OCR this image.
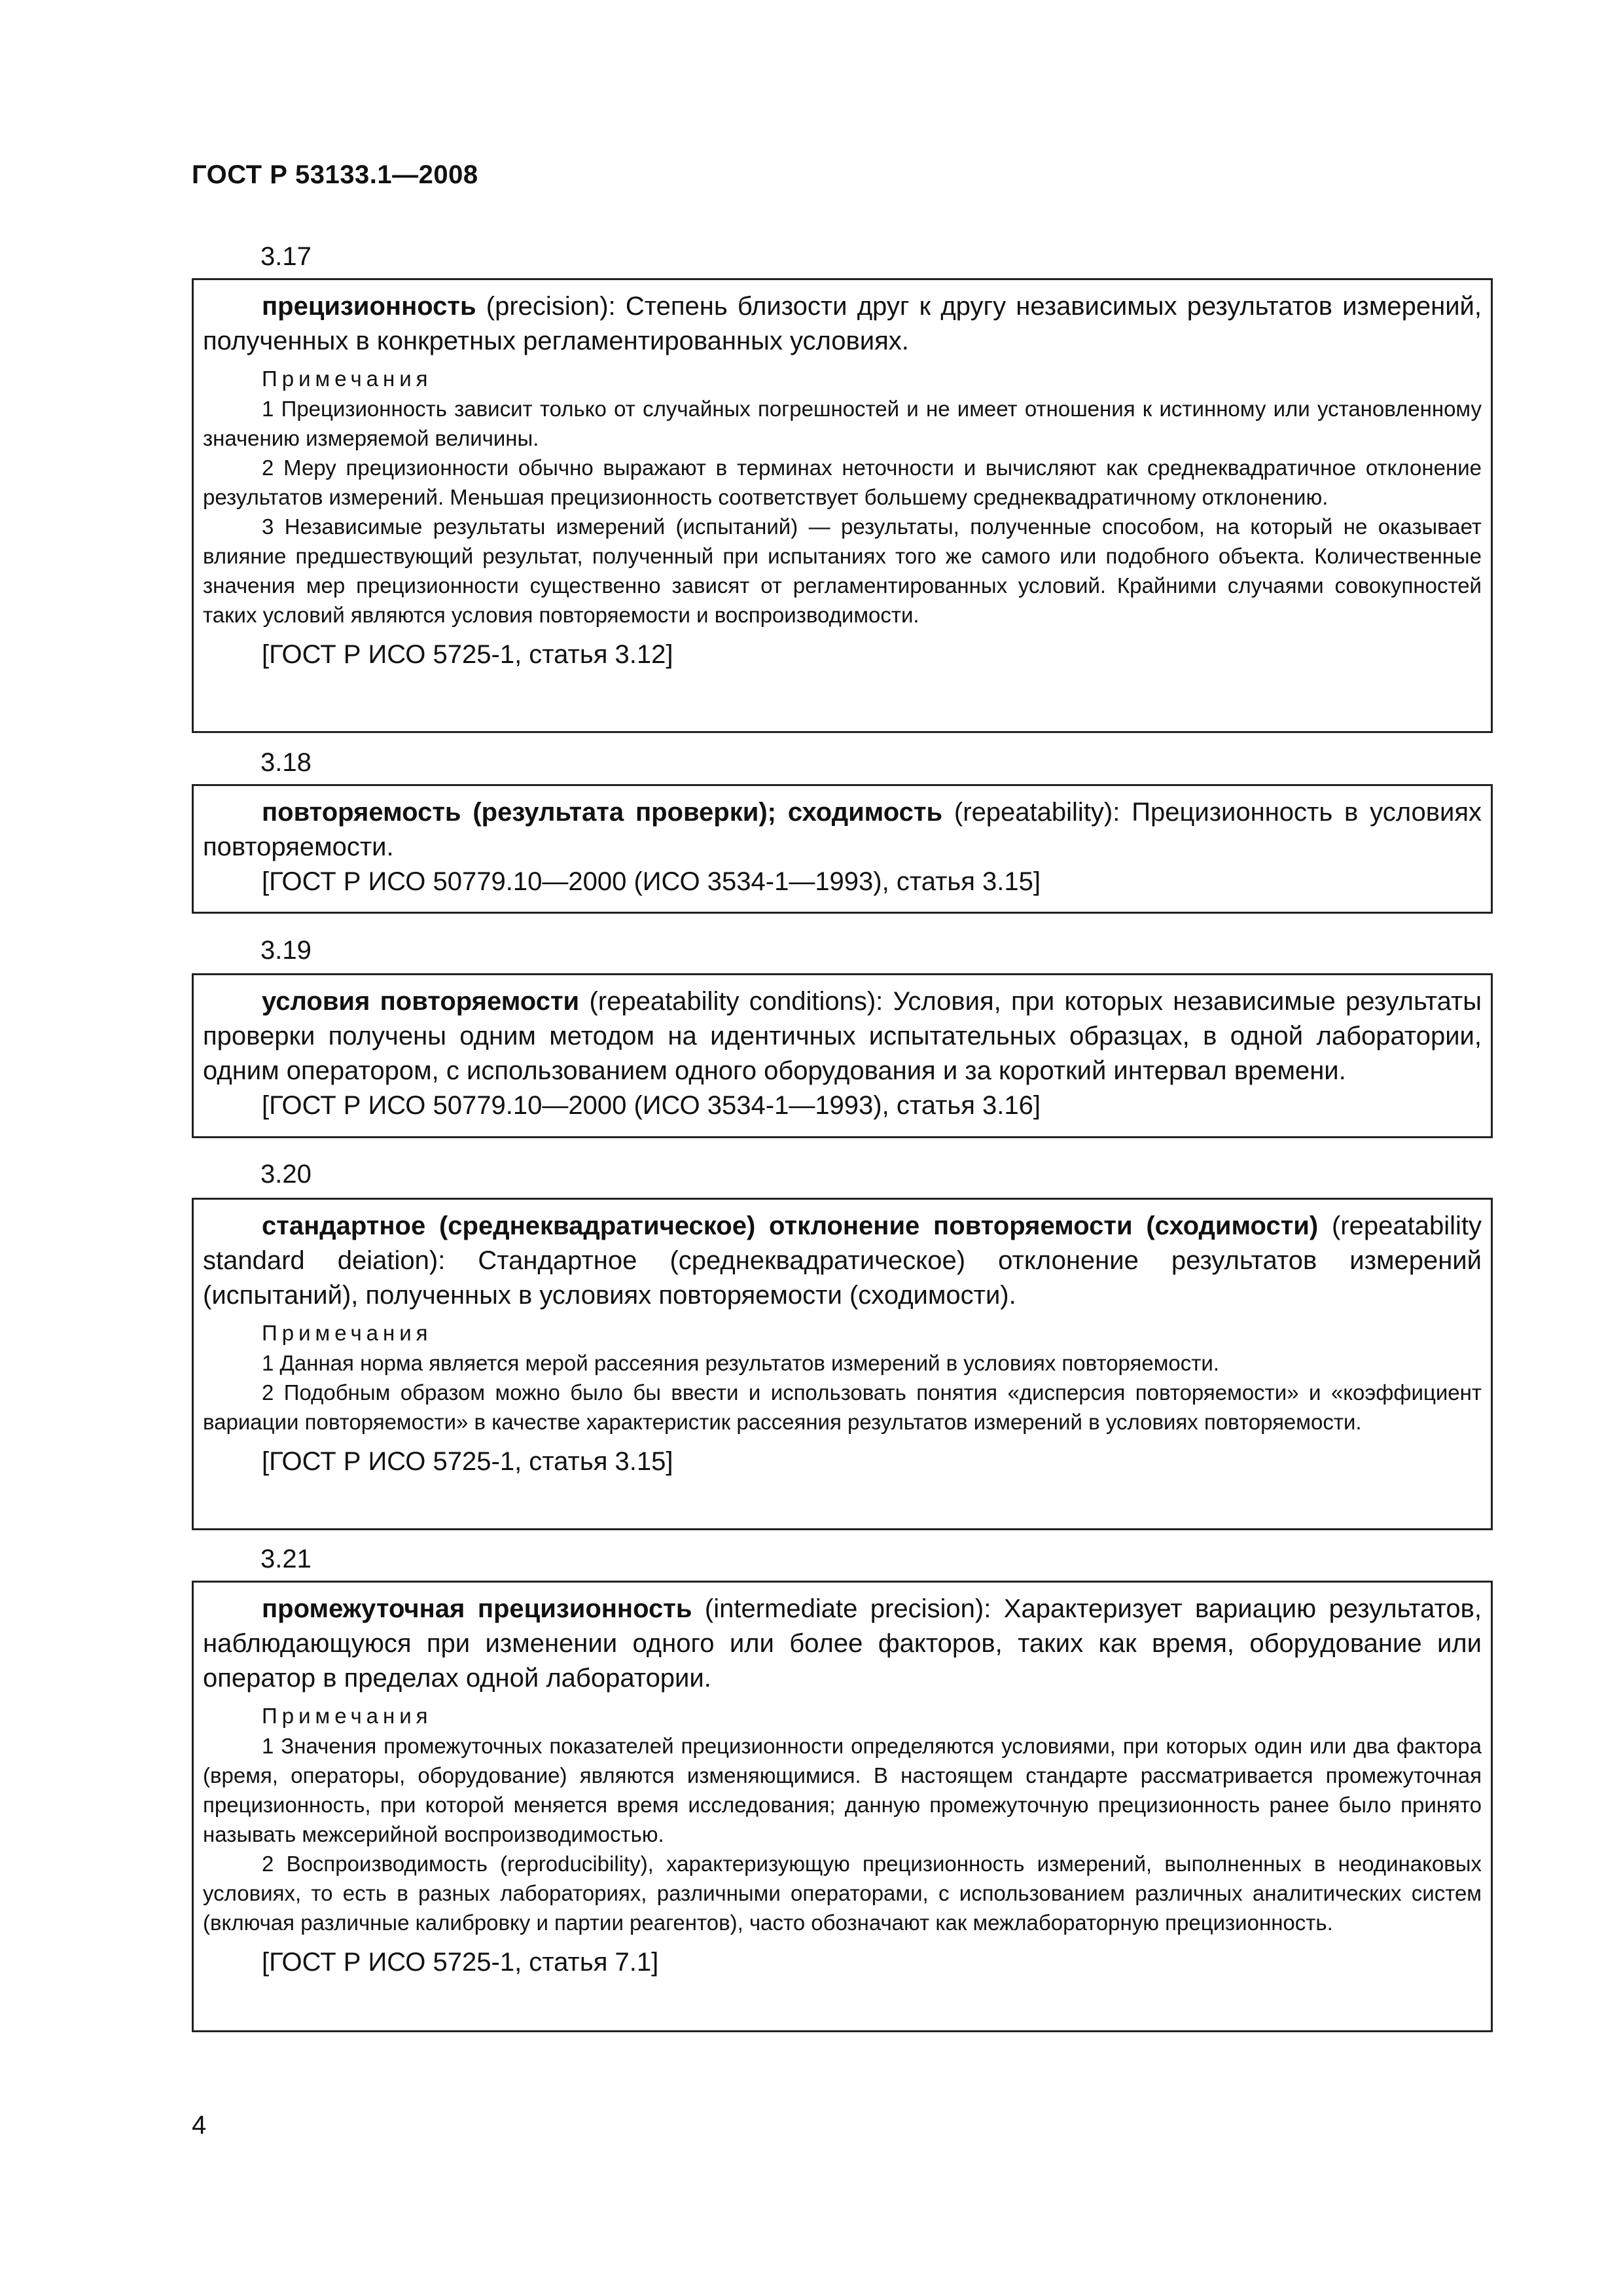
ГОСТ Р 53133.1—2008
3.17

прецизионность (precision): Степень близости друг к другу независимых результатов измерений, полученных в конкретных регламентированных условиях.

Примечания

1 Прецизионность зависит только от случайных погрешностей и не имеет отношения к истинному или установленному значению измеряемой величины.

2 Меру прецизионности обычно выражают в терминах неточности и вычисляют как среднеквадратичное отклонение результатов измерений. Меньшая прецизионность соответствует большему среднеквадратичному отклонению.

3 Независимые результаты измерений (испытаний) — результаты, полученные способом, на который не оказывает влияние предшествующий результат, полученный при испытаниях того же самого или подобного объекта. Количественные значения мер прецизионности существенно зависят от регламентированных условий. Крайними случаями совокупностей таких условий являются условия повторяемости и воспроизводимости.

[ГОСТ Р ИСО 5725-1, статья 3.12]

3.18

повторяемость (результата проверки); сходимость (repeatability): Прецизионность в условиях повторяемости.

[ГОСТ Р ИСО 50779.10—2000 (ИСО 3534-1—1993), статья 3.15]

3.19

условия повторяемости (repeatability conditions): Условия, при которых независимые результаты проверки получены одним методом на идентичных испытательных образцах, в одной лаборатории, одним оператором, с использованием одного оборудования и за короткий интервал времени.

[ГОСТ Р ИСО 50779.10—2000 (ИСО 3534-1—1993), статья 3.16]

3.20

стандартное (среднеквадратическое) отклонение повторяемости (сходимости) (repeatability standard deiation): Стандартное (среднеквадратическое) отклонение результатов измерений (испытаний), полученных в условиях повторяемости (сходимости).

Примечания

1 Данная норма является мерой рассеяния результатов измерений в условиях повторяемости.

2 Подобным образом можно было бы ввести и использовать понятия «дисперсия повторяемости» и «коэффициент вариации повторяемости» в качестве характеристик рассеяния результатов измерений в условиях повторяемости.

[ГОСТ Р ИСО 5725-1, статья 3.15]

3.21

промежуточная прецизионность (intermediate precision): Характеризует вариацию результатов, наблюдающуюся при изменении одного или более факторов, таких как время, оборудование или оператор в пределах одной лаборатории.

Примечания

1 Значения промежуточных показателей прецизионности определяются условиями, при которых один или два фактора (время, операторы, оборудование) являются изменяющимися. В настоящем стандарте рассматривается промежуточная прецизионность, при которой меняется время исследования; данную промежуточную прецизионность ранее было принято называть межсерийной воспроизводимостью.

2 Воспроизводимость (reproducibility), характеризующую прецизионность измерений, выполненных в неодинаковых условиях, то есть в разных лабораториях, различными операторами, с использованием различных аналитических систем (включая различные калибровку и партии реагентов), часто обозначают как межлабораторную прецизионность.

[ГОСТ Р ИСО 5725-1, статья 7.1]

4
